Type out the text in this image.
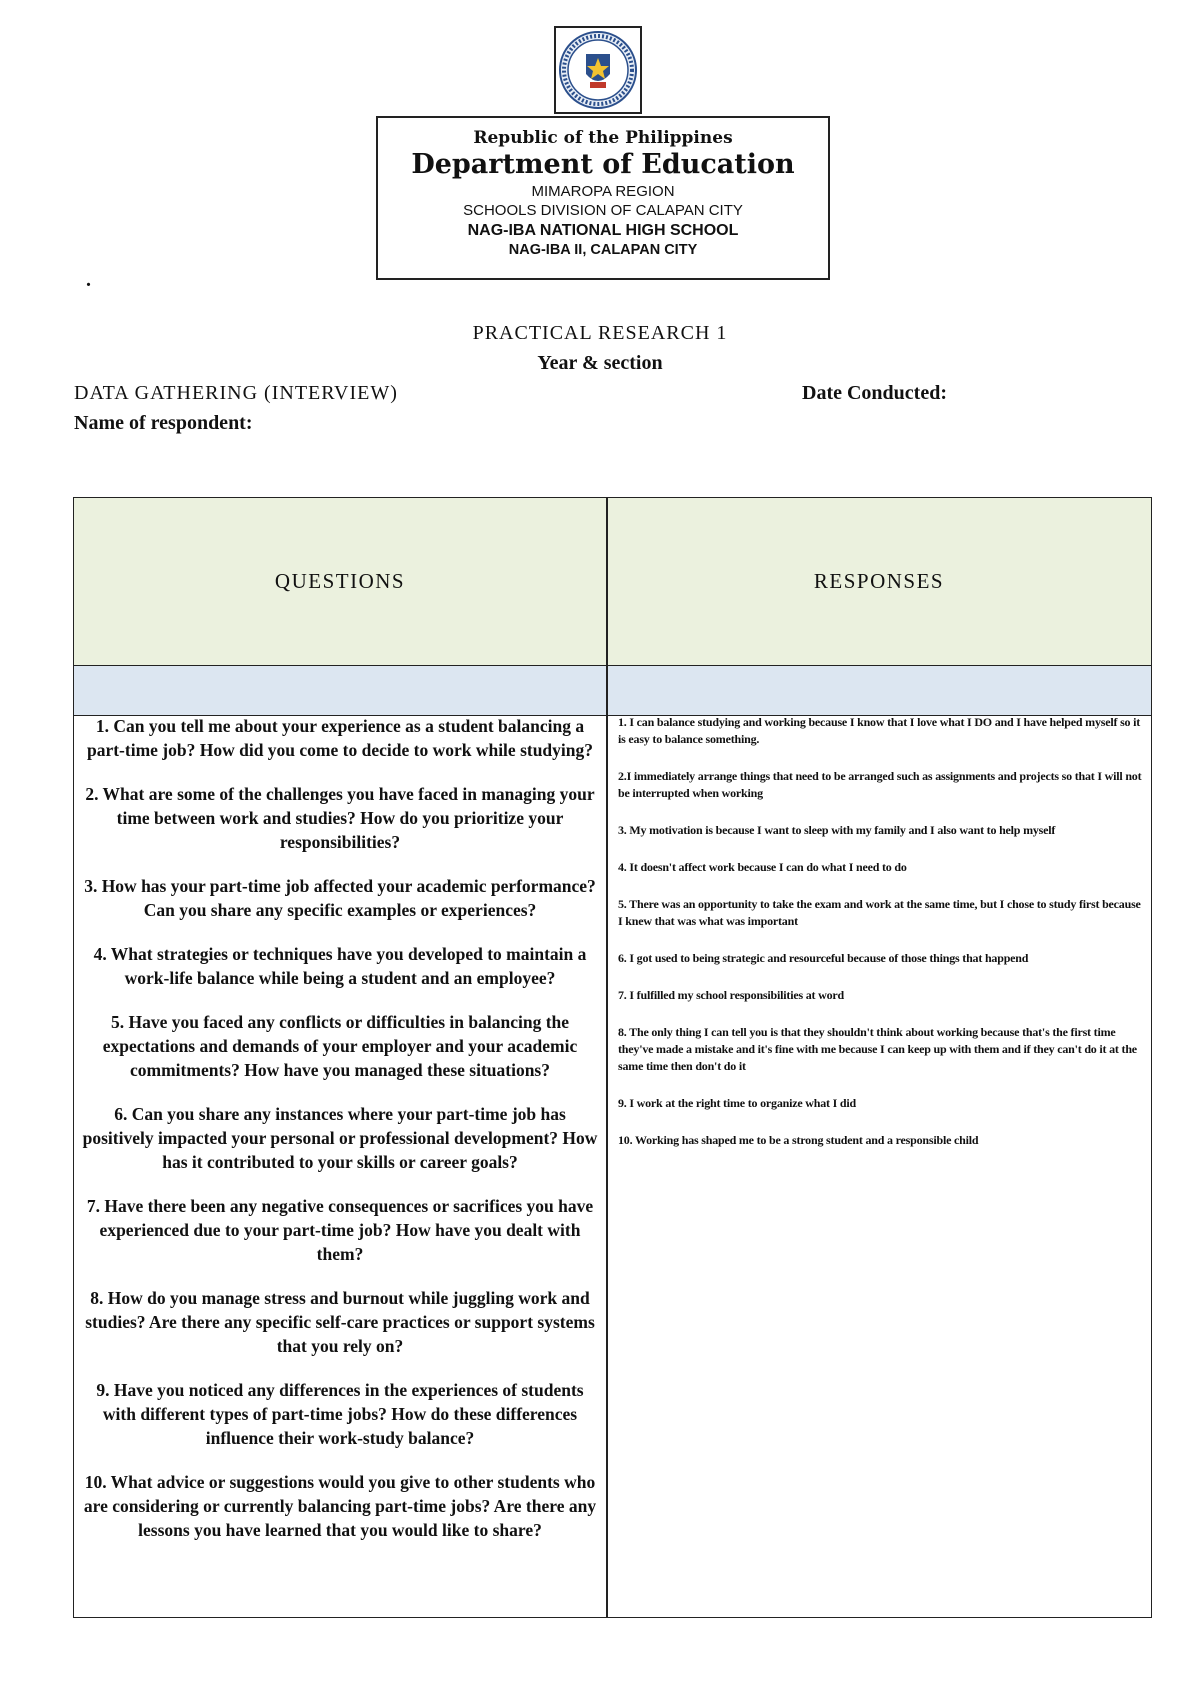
Republic of the Philippines
Department of Education
MIMAROPA REGION
SCHOOLS DIVISION OF CALAPAN CITY
NAG-IBA NATIONAL HIGH SCHOOL
NAG-IBA II, CALAPAN CITY
.
PRACTICAL RESEARCH 1
Year & section
DATA GATHERING (INTERVIEW)	Date Conducted:
Name of respondent:
QUESTIONS	RESPONSES
1. Can you tell me about your experience as a student balancing a part-time job? How did you come to decide to work while studying?
2. What are some of the challenges you have faced in managing your time between work and studies? How do you prioritize your responsibilities?
3. How has your part-time job affected your academic performance? Can you share any specific examples or experiences?
4. What strategies or techniques have you developed to maintain a work-life balance while being a student and an employee?
5. Have you faced any conflicts or difficulties in balancing the expectations and demands of your employer and your academic commitments? How have you managed these situations?
6. Can you share any instances where your part-time job has positively impacted your personal or professional development? How has it contributed to your skills or career goals?
7. Have there been any negative consequences or sacrifices you have experienced due to your part-time job? How have you dealt with them?
8. How do you manage stress and burnout while juggling work and studies? Are there any specific self-care practices or support systems that you rely on?
9. Have you noticed any differences in the experiences of students with different types of part-time jobs? How do these differences influence their work-study balance?
10. What advice or suggestions would you give to other students who are considering or currently balancing part-time jobs? Are there any lessons you have learned that you would like to share?
1. I can balance studying and working because I know that I love what I DO and I have helped myself so it is easy to balance something.
2.I immediately arrange things that need to be arranged such as assignments and projects so that I will not be interrupted when working
3. My motivation is because I want to sleep with my family and I also want to help myself
4. It doesn't affect work because I can do what I need to do
5. There was an opportunity to take the exam and work at the same time, but I chose to study first because I knew that was what was important
6. I got used to being strategic and resourceful because of those things that happend
7. I fulfilled my school responsibilities at word
8. The only thing I can tell you is that they shouldn't think about working because that's the first time they've made a mistake and it's fine with me because I can keep up with them and if they can't do it at the same time then don't do it
9. I work at the right time to organize what I did
10. Working has shaped me to be a strong student and a responsible child
